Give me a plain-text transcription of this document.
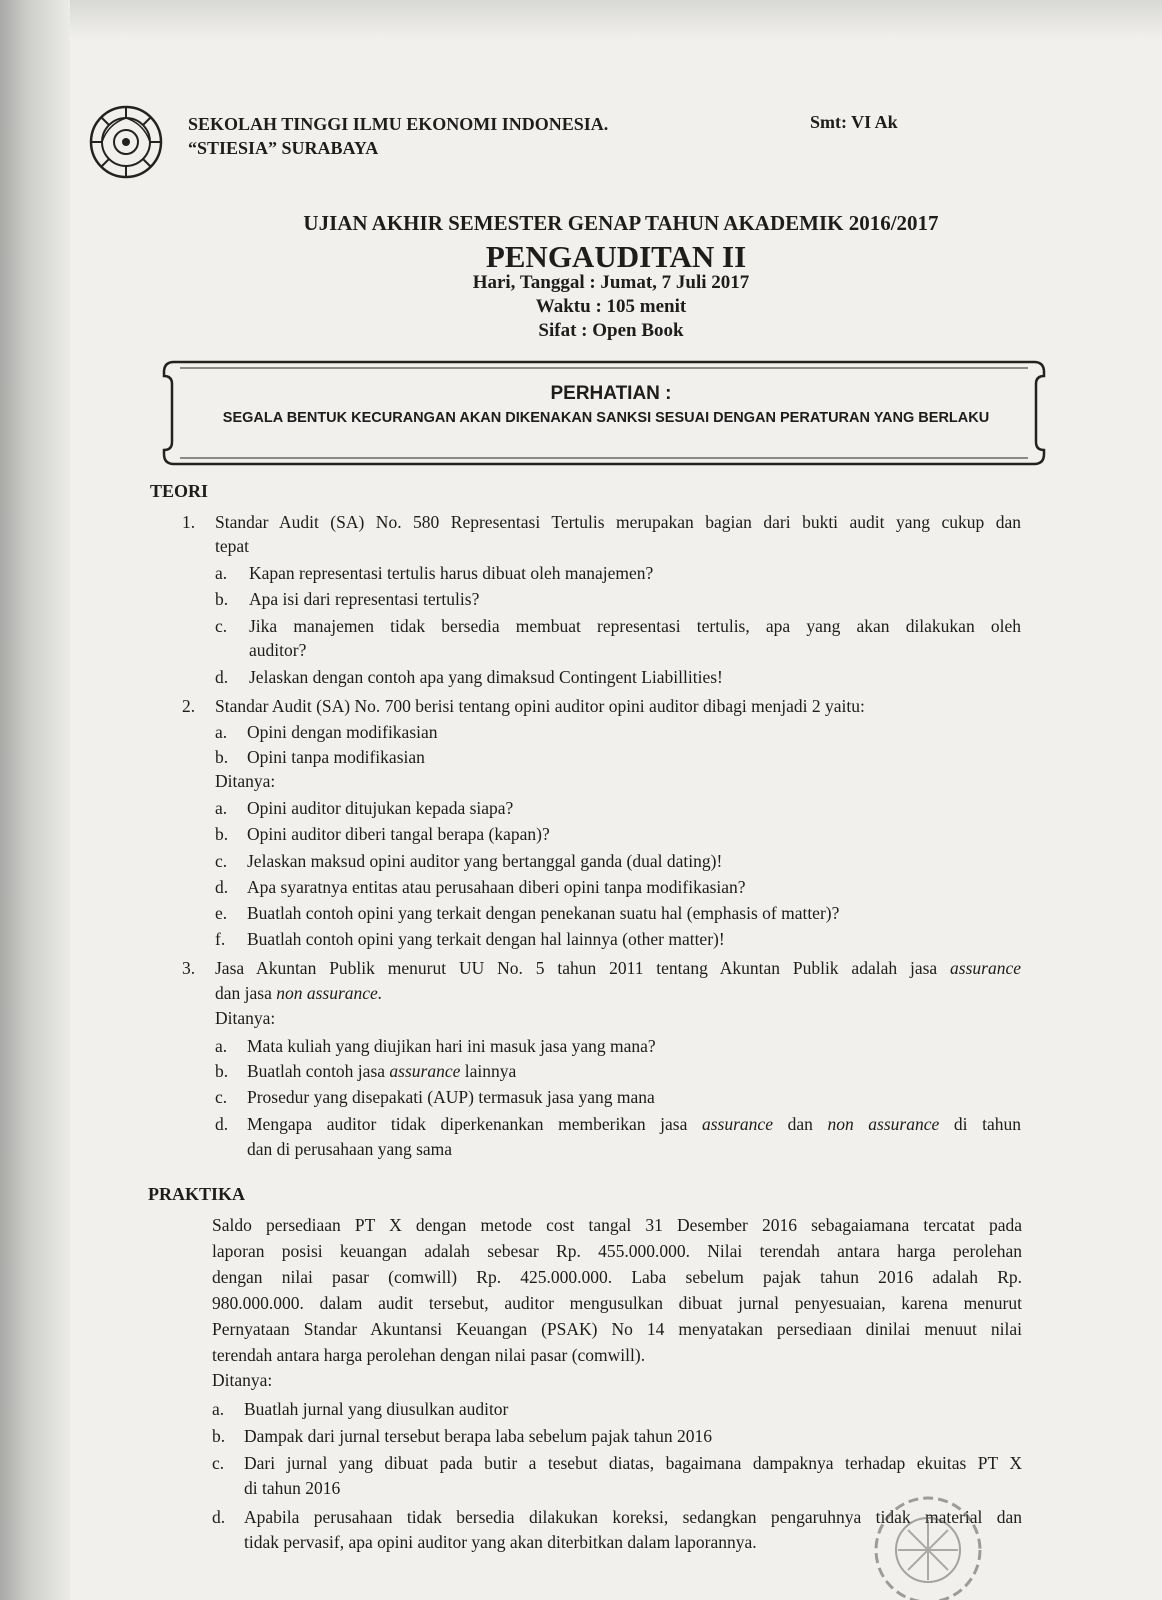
SEKOLAH TINGGI ILMU EKONOMI INDONESIA.
“STIESIA” SURABAYA
Smt: VI Ak
UJIAN AKHIR SEMESTER GENAP TAHUN AKADEMIK 2016/2017
PENGAUDITAN II
Hari, Tanggal : Jumat, 7 Juli 2017
Waktu : 105 menit
Sifat : Open Book
PERHATIAN :
SEGALA BENTUK KECURANGAN AKAN DIKENAKAN SANKSI SESUAI DENGAN PERATURAN YANG BERLAKU
TEORI
1. Standar Audit (SA) No. 580 Representasi Tertulis merupakan bagian dari bukti audit yang cukup dan
tepat
a. Kapan representasi tertulis harus dibuat oleh manajemen?
b. Apa isi dari representasi tertulis?
c. Jika manajemen tidak bersedia membuat representasi tertulis, apa yang akan dilakukan oleh
auditor?
d. Jelaskan dengan contoh apa yang dimaksud Contingent Liabillities!
2. Standar Audit (SA) No. 700 berisi tentang opini auditor opini auditor dibagi menjadi 2 yaitu:
a. Opini dengan modifikasian
b. Opini tanpa modifikasian
Ditanya:
a. Opini auditor ditujukan kepada siapa?
b. Opini auditor diberi tangal berapa (kapan)?
c. Jelaskan maksud opini auditor yang bertanggal ganda (dual dating)!
d. Apa syaratnya entitas atau perusahaan diberi opini tanpa modifikasian?
e. Buatlah contoh opini yang terkait dengan penekanan suatu hal (emphasis of matter)?
f. Buatlah contoh opini yang terkait dengan hal lainnya (other matter)!
3. Jasa Akuntan Publik menurut UU No. 5 tahun 2011 tentang Akuntan Publik adalah jasa assurance
dan jasa non assurance.
Ditanya:
a. Mata kuliah yang diujikan hari ini masuk jasa yang mana?
b. Buatlah contoh jasa assurance lainnya
c. Prosedur yang disepakati (AUP) termasuk jasa yang mana
d. Mengapa auditor tidak diperkenankan memberikan jasa assurance dan non assurance di tahun
dan di perusahaan yang sama
PRAKTIKA
Saldo persediaan PT X dengan metode cost tangal 31 Desember 2016 sebagaiamana tercatat pada
laporan posisi keuangan adalah sebesar Rp. 455.000.000. Nilai terendah antara harga perolehan
dengan nilai pasar (comwill) Rp. 425.000.000. Laba sebelum pajak tahun 2016 adalah Rp.
980.000.000. dalam audit tersebut, auditor mengusulkan dibuat jurnal penyesuaian, karena menurut
Pernyataan Standar Akuntansi Keuangan (PSAK) No 14 menyatakan persediaan dinilai menuut nilai
terendah antara harga perolehan dengan nilai pasar (comwill).
Ditanya:
a. Buatlah jurnal yang diusulkan auditor
b. Dampak dari jurnal tersebut berapa laba sebelum pajak tahun 2016
c. Dari jurnal yang dibuat pada butir a tesebut diatas, bagaimana dampaknya terhadap ekuitas PT X
di tahun 2016
d. Apabila perusahaan tidak bersedia dilakukan koreksi, sedangkan pengaruhnya tidak material dan
tidak pervasif, apa opini auditor yang akan diterbitkan dalam laporannya.
